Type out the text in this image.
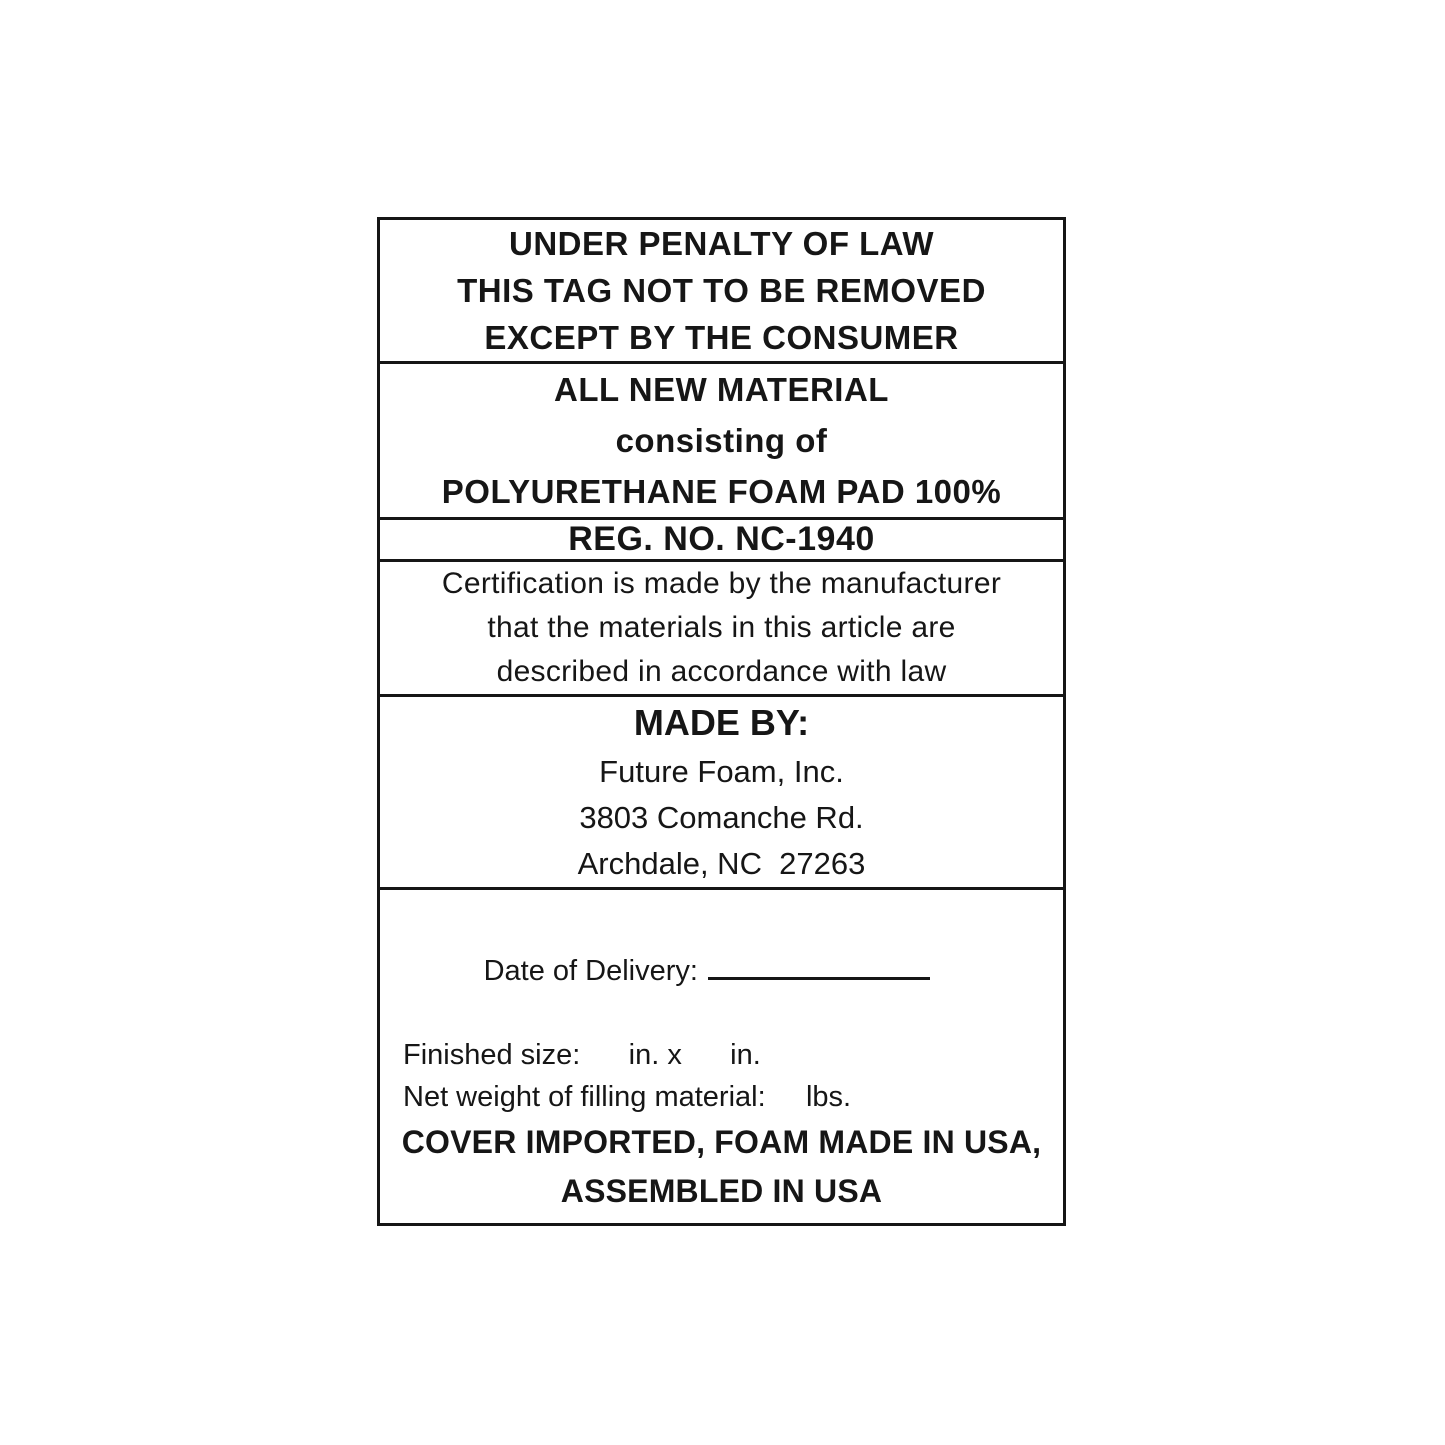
UNDER PENALTY OF LAW
THIS TAG NOT TO BE REMOVED
EXCEPT BY THE CONSUMER
ALL NEW MATERIAL
consisting of
POLYURETHANE FOAM PAD 100%
REG. NO. NC-1940
Certification is made by the manufacturer
that the materials in this article are
described in accordance with law
MADE BY:
Future Foam, Inc.
3803 Comanche Rd.
Archdale, NC  27263

Date of Delivery:

Finished size:      in. x      in.
Net weight of filling material:     lbs.
COVER IMPORTED, FOAM MADE IN USA,
ASSEMBLED IN USA
